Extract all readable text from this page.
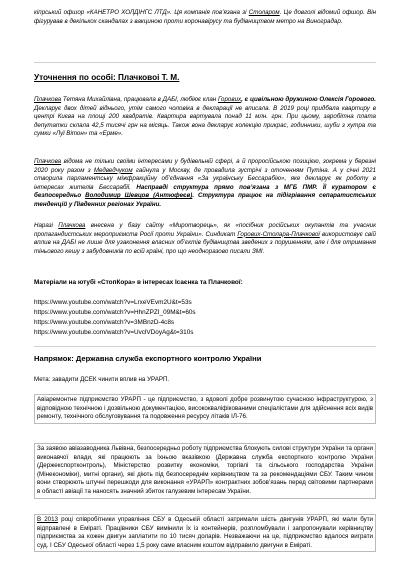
кіпрський офшор «КАНЕТРО ХОЛДІНГС ЛТД». Ця компанія пов’язана зі Столаром. Це довголі відомий офшор. Він фігурував в декількох скандалах з вакциною проти коронавірусу та будівництвом метро на Виноградар.

Уточнення по особі: Плачковоі Т. М.

Плачкова Тетяна Михайлівна, працювала в ДАБІ, любіює клан Горових, є цивільною дружиною Олексія Горового. Декларує двох дітей віднього, утім самого чоловіка в декларації не вписала. В 2019 році придбала квартиру в центрі Києва на площі 200 квадратів. Квартира вартувала понад 11 млн. грн. При цьому, заробітна плата депутатки склала 42,5 тисячі грн на місяць. Також вона декларує колекцію прикрас, годинники, шуби з хутра та сумки «Луї Вітон» та «Ерме».

Плачкова відома не тільки своїми інтересами у будівельній сфері, а й проросійською позицією, зокрема у березні 2020 року разом з Медведчуком гайнула у Москву, де провадила зустрічі з оточенням Путіна. А у січні 2021 створила парламентську міжфракційну об’єднання «За українську Бессарабію», яке декларує як роботу в інтересах жителів Бессарабії. Насправді структура прямо пов’язана з МГБ ПМР. Її куратором є безпосередньо Володимир Шевцов (Антюфеєв). Структура працює на підігрівання сепаратистських тенденцій у Південних регіонах України.

Наразі Плачкова внесена у базу сайту «Миротворець», як «посібник російських окупантів та учасник пропагандистських мероприємств Росії проти України». Синдикат Горових-Столара-Плачкової використовує свій вплив на ДАБІ не лише для узаконення власних об’єктів будівництва зведених з порушенням, але і для отримання тіньового кешу з забудовників по всій країні, про що неодноразово писали ЗМІ.

Матеріали на ютубі «СтопКора» в інтересах Ісаєнка та Плачкової:
https://www.youtube.com/watch?v=LrxeVEvm2U&t=53s
https://www.youtube.com/watch?v=HhnZPZI_09M&t=60s
https://www.youtube.com/watch?v=3MBnzD-4c8s
https://www.youtube.com/watch?v=UvclVDoyAg&t=310s
Напрямок: Державна служба експортного контролю України

Мета: завадити ДСЕК чинити вплив на УРАРП.

Авіаремонтне підприємство УРАРП - це підприємство, з вдоволі добре розвинутою сучасною інфраструктурою, з відповідною технічною і дозвільною документацією, висококваліфікованими спеціалістами для здійснення всіх видів ремонту, технічного обслуговування та подовження ресурсу літаків ІЛ-76.

За заявою авіазаводника Львівна, безпосередньо роботу підприємства блокують силові структури України та органи виконавчої влади, які працюють за їхньою вказівкою (Державна служба експортного контролю України (Держекспортконтроль), Міністерство розвитку економіки, торгівлі та сільського господарства України (Мінекономіки), митні органи), які діють під безпосереднім керівництвом та за рекомендаціями СБУ. Таким чином вони створюють штучні перешкоди для виконання «УРАРП» контрактних зобов’язань перед світовими партнерами в області авіації та наносять значний збиток галузевим інтересам України.

В 2013 році співробітники управління СБУ в Одеській області затримали шість двигунів УРАРП, які мали бути відправлені в Еміраті. Працівники СБУ вимінили їх із контейнерів, розпломбували і запропонували керівництву підприємства за кожен двигун заплатити по 10 тисяч доларів. Незважаючи на це, підприємство вдалося виграти суд. І СБУ Одеської області через 1,5 року саме власним коштом відправило двигуни в Еміраті.
